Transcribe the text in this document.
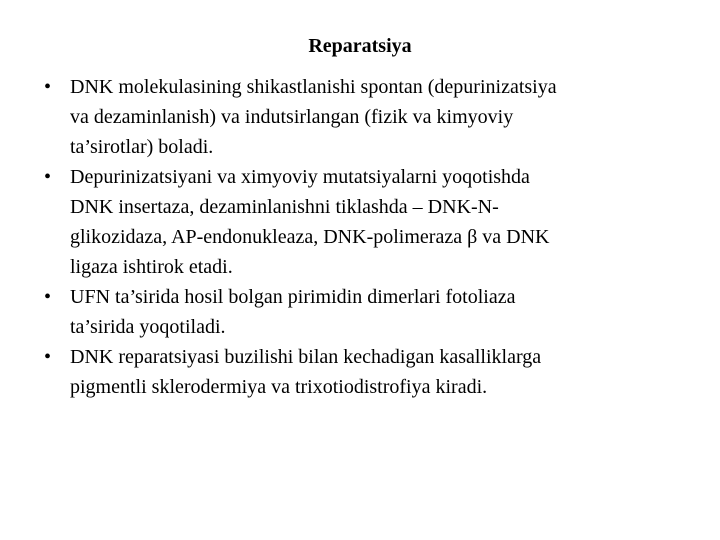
Reparatsiya
• DNK molekulasining shikastlanishi spontan (depurinizatsiya
va dezaminlanish) va indutsirlangan (fizik va kimyoviy
ta’sirotlar) boladi.
• Depurinizatsiyani va ximyoviy mutatsiyalarni yoqotishda
DNK insertaza, dezaminlanishni tiklashda – DNK-N-
glikozidaza, AP-endonukleaza, DNK-polimeraza β va DNK
ligaza ishtirok etadi.
• UFN ta’sirida hosil bolgan pirimidin dimerlari fotoliaza
ta’sirida yoqotiladi.
• DNK reparatsiyasi buzilishi bilan kechadigan kasalliklarga
pigmentli sklerodermiya va trixotiodistrofiya kiradi.
